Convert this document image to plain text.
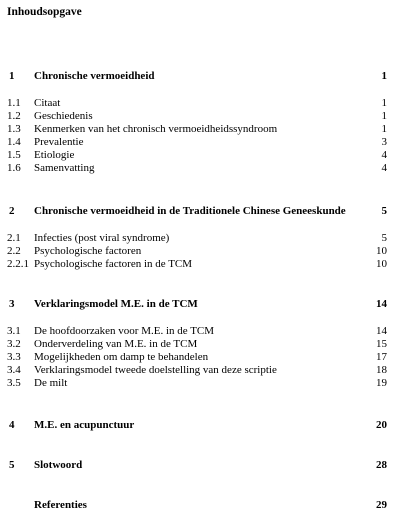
Inhoudsopgave
1 Chronische vermoeidheid	1
1.1 Citaat	1
1.2 Geschiedenis	1
1.3 Kenmerken van het chronisch vermoeidheidssyndroom	1
1.4 Prevalentie	3
1.5 Etiologie	4
1.6 Samenvatting	4
2 Chronische vermoeidheid in de Traditionele Chinese Geneeskunde	5
2.1 Infecties (post viral syndrome)	5
2.2 Psychologische factoren	10
2.2.1 Psychologische factoren in de TCM	10
3 Verklaringsmodel M.E. in de TCM	14
3.1 De hoofdoorzaken voor M.E. in de TCM	14
3.2 Onderverdeling van M.E. in de TCM	15
3.3 Mogelijkheden om damp te behandelen	17
3.4 Verklaringsmodel tweede doelstelling van deze scriptie	18
3.5 De milt	19
4 M.E. en acupunctuur	20
5 Slotwoord	28
Referenties	29
